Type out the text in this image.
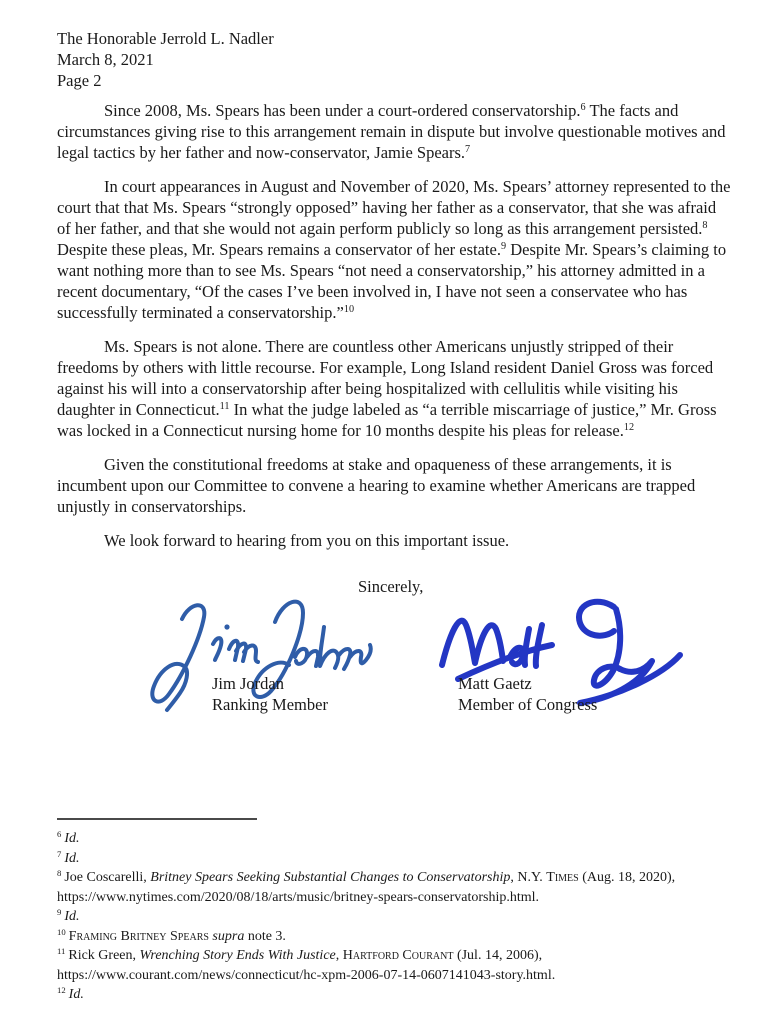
The Honorable Jerrold L. Nadler
March 8, 2021
Page 2

Since 2008, Ms. Spears has been under a court-ordered conservatorship.$^6$ The facts and circumstances giving rise to this arrangement remain in dispute but involve questionable motives and legal tactics by her father and now-conservator, Jamie Spears.$^7$

In court appearances in August and November of 2020, Ms. Spears’ attorney represented to the court that that Ms. Spears “strongly opposed” having her father as a conservator, that she was afraid of her father, and that she would not again perform publicly so long as this arrangement persisted.$^8$ Despite these pleas, Mr. Spears remains a conservator of her estate.$^9$ Despite Mr. Spears’s claiming to want nothing more than to see Ms. Spears “not need a conservatorship,” his attorney admitted in a recent documentary, “Of the cases I’ve been involved in, I have not seen a conservatee who has successfully terminated a conservatorship.”$^{10}$

Ms. Spears is not alone. There are countless other Americans unjustly stripped of their freedoms by others with little recourse. For example, Long Island resident Daniel Gross was forced against his will into a conservatorship after being hospitalized with cellulitis while visiting his daughter in Connecticut.$^{11}$ In what the judge labeled as “a terrible miscarriage of justice,” Mr. Gross was locked in a Connecticut nursing home for 10 months despite his pleas for release.$^{12}$

Given the constitutional freedoms at stake and opaqueness of these arrangements, it is incumbent upon our Committee to convene a hearing to examine whether Americans are trapped unjustly in conservatorships.

We look forward to hearing from you on this important issue.

Sincerely,
Jim Jordan
Ranking Member
Matt Gaetz
Member of Congress
$^6$ Id.
$^7$ Id.
$^8$ Joe Coscarelli, Britney Spears Seeking Substantial Changes to Conservatorship, N.Y. Times (Aug. 18, 2020), https://www.nytimes.com/2020/08/18/arts/music/britney-spears-conservatorship.html.
$^9$ Id.
$^{10}$ Framing Britney Spears supra note 3.
$^{11}$ Rick Green, Wrenching Story Ends With Justice, Hartford Courant (Jul. 14, 2006), https://www.courant.com/news/connecticut/hc-xpm-2006-07-14-0607141043-story.html.
$^{12}$ Id.
